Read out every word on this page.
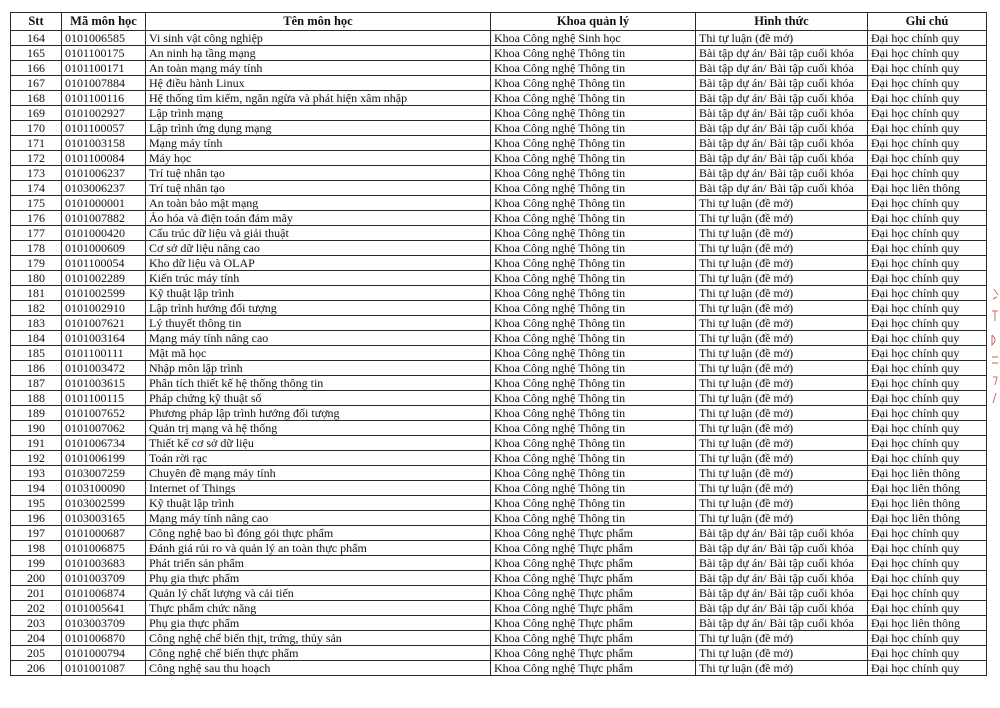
Stt	Mã môn học	Tên môn học	Khoa quản lý	Hình thức	Ghi chú
164	0101006585	Vi sinh vật công nghiệp	Khoa Công nghệ Sinh học	Thi tự luận (đề mở)	Đại học chính quy
165	0101100175	An ninh hạ tầng mạng	Khoa Công nghệ Thông tin	Bài tập dự án/ Bài tập cuối khóa	Đại học chính quy
166	0101100171	An toàn mạng máy tính	Khoa Công nghệ Thông tin	Bài tập dự án/ Bài tập cuối khóa	Đại học chính quy
167	0101007884	Hệ điều hành Linux	Khoa Công nghệ Thông tin	Bài tập dự án/ Bài tập cuối khóa	Đại học chính quy
168	0101100116	Hệ thống tìm kiếm, ngăn ngừa và phát hiện xâm nhập	Khoa Công nghệ Thông tin	Bài tập dự án/ Bài tập cuối khóa	Đại học chính quy
169	0101002927	Lập trình mạng	Khoa Công nghệ Thông tin	Bài tập dự án/ Bài tập cuối khóa	Đại học chính quy
170	0101100057	Lập trình ứng dụng mạng	Khoa Công nghệ Thông tin	Bài tập dự án/ Bài tập cuối khóa	Đại học chính quy
171	0101003158	Mạng máy tính	Khoa Công nghệ Thông tin	Bài tập dự án/ Bài tập cuối khóa	Đại học chính quy
172	0101100084	Máy học	Khoa Công nghệ Thông tin	Bài tập dự án/ Bài tập cuối khóa	Đại học chính quy
173	0101006237	Trí tuệ nhân tạo	Khoa Công nghệ Thông tin	Bài tập dự án/ Bài tập cuối khóa	Đại học chính quy
174	0103006237	Trí tuệ nhân tạo	Khoa Công nghệ Thông tin	Bài tập dự án/ Bài tập cuối khóa	Đại học liên thông
175	0101000001	An toàn bảo mật mạng	Khoa Công nghệ Thông tin	Thi tự luận (đề mở)	Đại học chính quy
176	0101007882	Ảo hóa và điện toán đám mây	Khoa Công nghệ Thông tin	Thi tự luận (đề mở)	Đại học chính quy
177	0101000420	Cấu trúc dữ liệu và giải thuật	Khoa Công nghệ Thông tin	Thi tự luận (đề mở)	Đại học chính quy
178	0101000609	Cơ sở dữ liệu nâng cao	Khoa Công nghệ Thông tin	Thi tự luận (đề mở)	Đại học chính quy
179	0101100054	Kho dữ liệu và OLAP	Khoa Công nghệ Thông tin	Thi tự luận (đề mở)	Đại học chính quy
180	0101002289	Kiến trúc máy tính	Khoa Công nghệ Thông tin	Thi tự luận (đề mở)	Đại học chính quy
181	0101002599	Kỹ thuật lập trình	Khoa Công nghệ Thông tin	Thi tự luận (đề mở)	Đại học chính quy
182	0101002910	Lập trình hướng đối tượng	Khoa Công nghệ Thông tin	Thi tự luận (đề mở)	Đại học chính quy
183	0101007621	Lý thuyết thông tin	Khoa Công nghệ Thông tin	Thi tự luận (đề mở)	Đại học chính quy
184	0101003164	Mạng máy tính nâng cao	Khoa Công nghệ Thông tin	Thi tự luận (đề mở)	Đại học chính quy
185	0101100111	Mật mã học	Khoa Công nghệ Thông tin	Thi tự luận (đề mở)	Đại học chính quy
186	0101003472	Nhập môn lập trình	Khoa Công nghệ Thông tin	Thi tự luận (đề mở)	Đại học chính quy
187	0101003615	Phân tích thiết kế hệ thống thông tin	Khoa Công nghệ Thông tin	Thi tự luận (đề mở)	Đại học chính quy
188	0101100115	Pháp chứng kỹ thuật số	Khoa Công nghệ Thông tin	Thi tự luận (đề mở)	Đại học chính quy
189	0101007652	Phương pháp lập trình hướng đối tượng	Khoa Công nghệ Thông tin	Thi tự luận (đề mở)	Đại học chính quy
190	0101007062	Quản trị mạng và hệ thống	Khoa Công nghệ Thông tin	Thi tự luận (đề mở)	Đại học chính quy
191	0101006734	Thiết kế cơ sở dữ liệu	Khoa Công nghệ Thông tin	Thi tự luận (đề mở)	Đại học chính quy
192	0101006199	Toán rời rạc	Khoa Công nghệ Thông tin	Thi tự luận (đề mở)	Đại học chính quy
193	0103007259	Chuyên đề mạng máy tính	Khoa Công nghệ Thông tin	Thi tự luận (đề mở)	Đại học liên thông
194	0103100090	Internet of Things	Khoa Công nghệ Thông tin	Thi tự luận (đề mở)	Đại học liên thông
195	0103002599	Kỹ thuật lập trình	Khoa Công nghệ Thông tin	Thi tự luận (đề mở)	Đại học liên thông
196	0103003165	Mạng máy tính nâng cao	Khoa Công nghệ Thông tin	Thi tự luận (đề mở)	Đại học liên thông
197	0101000687	Công nghệ bao bì đóng gói thực phẩm	Khoa Công nghệ Thực phẩm	Bài tập dự án/ Bài tập cuối khóa	Đại học chính quy
198	0101006875	Đánh giá rủi ro và quản lý an toàn thực phẩm	Khoa Công nghệ Thực phẩm	Bài tập dự án/ Bài tập cuối khóa	Đại học chính quy
199	0101003683	Phát triển sản phẩm	Khoa Công nghệ Thực phẩm	Bài tập dự án/ Bài tập cuối khóa	Đại học chính quy
200	0101003709	Phụ gia thực phẩm	Khoa Công nghệ Thực phẩm	Bài tập dự án/ Bài tập cuối khóa	Đại học chính quy
201	0101006874	Quản lý chất lượng và cải tiến	Khoa Công nghệ Thực phẩm	Bài tập dự án/ Bài tập cuối khóa	Đại học chính quy
202	0101005641	Thực phẩm chức năng	Khoa Công nghệ Thực phẩm	Bài tập dự án/ Bài tập cuối khóa	Đại học chính quy
203	0103003709	Phụ gia thực phẩm	Khoa Công nghệ Thực phẩm	Bài tập dự án/ Bài tập cuối khóa	Đại học liên thông
204	0101006870	Công nghệ chế biến thịt, trứng, thủy sản	Khoa Công nghệ Thực phẩm	Thi tự luận (đề mở)	Đại học chính quy
205	0101000794	Công nghệ chế biến thực phẩm	Khoa Công nghệ Thực phẩm	Thi tự luận (đề mở)	Đại học chính quy
206	0101001087	Công nghệ sau thu hoạch	Khoa Công nghệ Thực phẩm	Thi tự luận (đề mở)	Đại học chính quy
